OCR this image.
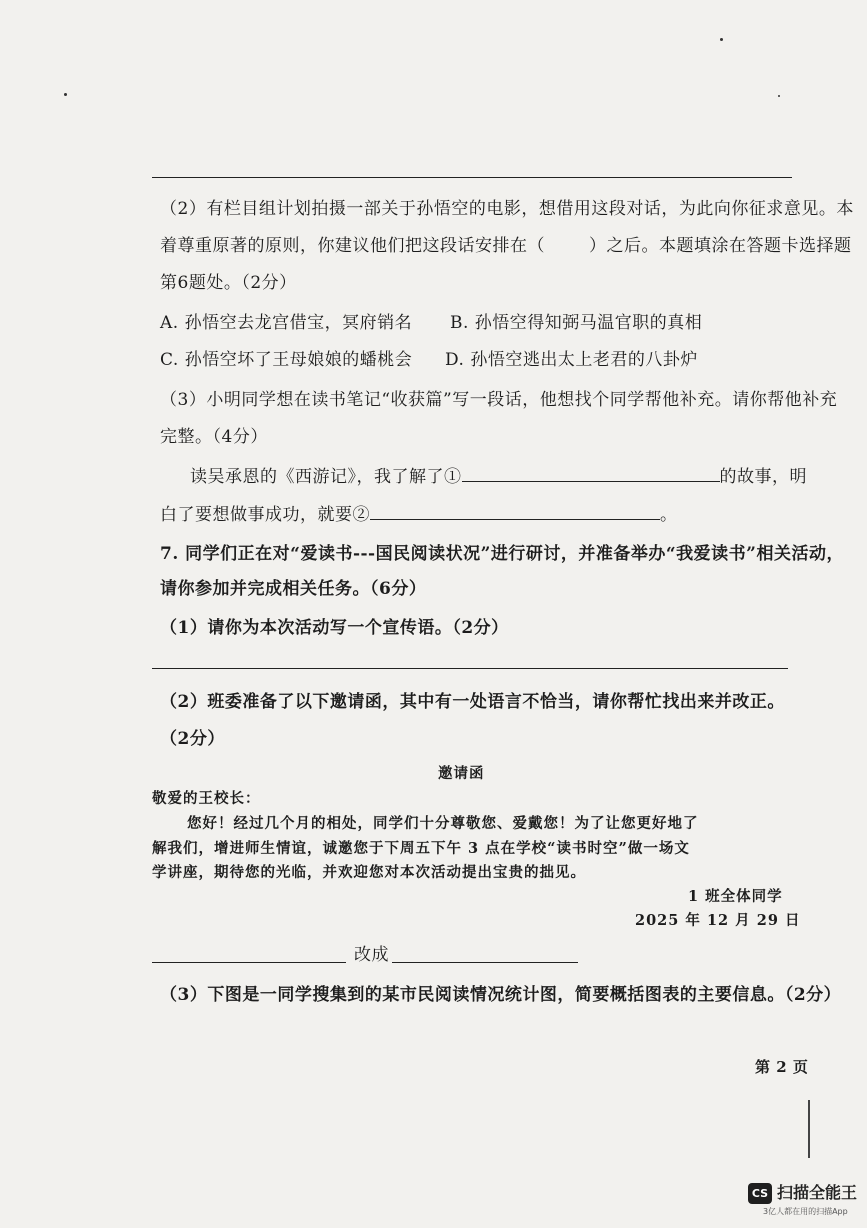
（2）有栏目组计划拍摄一部关于孙悟空的电影，想借用这段对话，为此向你征求意见。本
着尊重原著的原则，你建议他们把这段话安排在（	）之后。本题填涂在答题卡选择题
第6题处。（2分）
A. 孙悟空去龙宫借宝，冥府销名 B. 孙悟空得知弼马温官职的真相
C. 孙悟空坏了王母娘娘的蟠桃会 D. 孙悟空逃出太上老君的八卦炉
（3）小明同学想在读书笔记“收获篇”写一段话，他想找个同学帮他补充。请你帮他补充
完整。（4分）
读吴承恩的《西游记》，我了解了①	的故事，明
白了要想做事成功，就要②	。
7. 同学们正在对“爱读书---国民阅读状况”进行研讨，并准备举办“我爱读书”相关活动，
请你参加并完成相关任务。（6分）
（1）请你为本次活动写一个宣传语。（2分）
（2）班委准备了以下邀请函，其中有一处语言不恰当，请你帮忙找出来并改正。
（2分）
邀请函
敬爱的王校长：
您好！经过几个月的相处，同学们十分尊敬您、爱戴您！为了让您更好地了
解我们，增进师生情谊，诚邀您于下周五下午 3 点在学校“读书时空”做一场文
学讲座，期待您的光临，并欢迎您对本次活动提出宝贵的拙见。
1 班全体同学
2025 年 12 月 29 日
改成
（3）下图是一同学搜集到的某市民阅读情况统计图，简要概括图表的主要信息。（2分）
第 2 页
CS 扫描全能王
3亿人都在用的扫描App
